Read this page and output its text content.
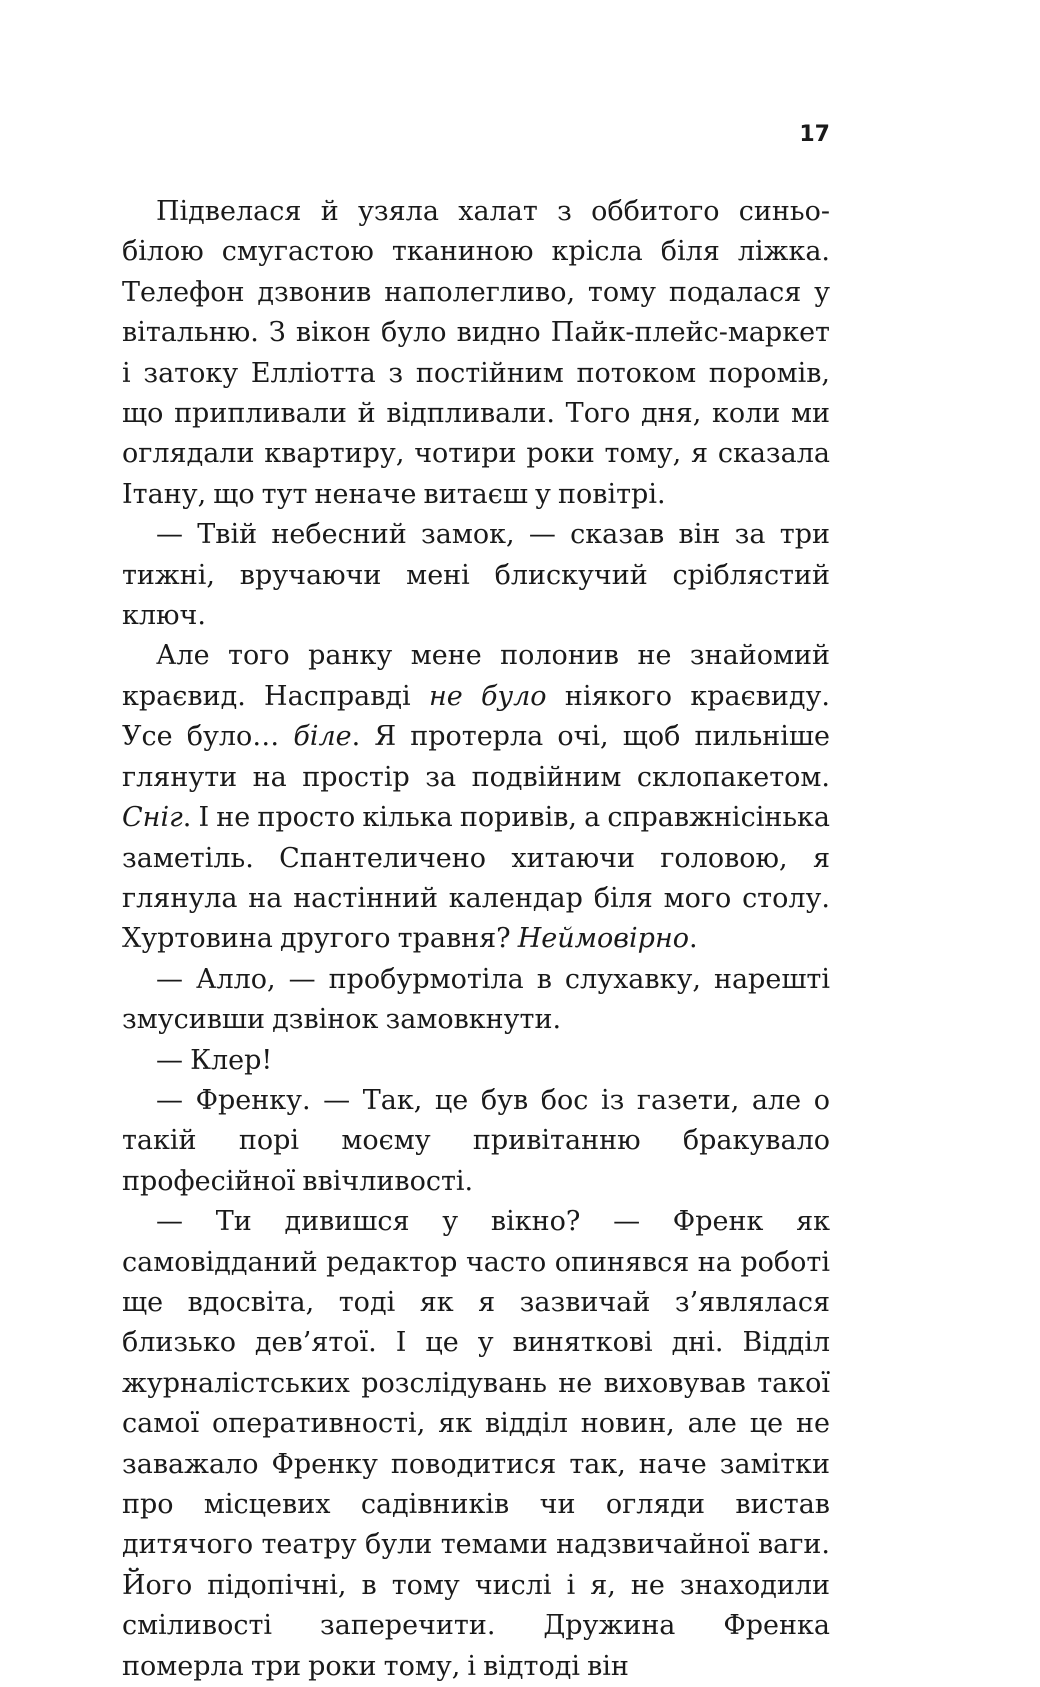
17

Підвелася й узяла халат з оббитого синьо-білою смугастою тканиною крісла біля ліжка. Телефон дзвонив наполегливо, тому подалася у вітальню. З вікон було видно Пайк-плейс-маркет і затоку Елліотта з постійним потоком поромів, що припливали й відпливали. Того дня, коли ми оглядали квартиру, чотири роки тому, я сказала Ітану, що тут неначе витаєш у повітрі.

— Твій небесний замок, — сказав він за три тижні, вручаючи мені блискучий сріблястий ключ.

Але того ранку мене полонив не знайомий краєвид. Насправді не було ніякого краєвиду. Усе було… біле. Я протерла очі, щоб пильніше глянути на простір за подвійним склопакетом. Сніг. І не просто кілька поривів, а справжнісінька заметіль. Спантеличено хитаючи головою, я глянула на настінний календар біля мого столу. Хуртовина другого травня? Неймовірно.

— Алло, — пробурмотіла в слухавку, нарешті змусивши дзвінок замовкнути.

— Клер!

— Френку. — Так, це був бос із газети, але о такій порі моєму привітанню бракувало професійної ввічливості.

— Ти дивишся у вікно? — Френк як самовідданий редактор часто опинявся на роботі ще вдосвіта, тоді як я зазвичай з’являлася близько дев’ятої. І це у виняткові дні. Відділ журналістських розслідувань не виховував такої самої оперативності, як відділ новин, але це не заважало Френку поводитися так, наче замітки про місцевих садівників чи огляди вистав дитячого театру були темами надзвичайної ваги. Його підопічні, в тому числі і я, не знаходили сміливості заперечити. Дружина Френка померла три роки тому, і відтоді він
